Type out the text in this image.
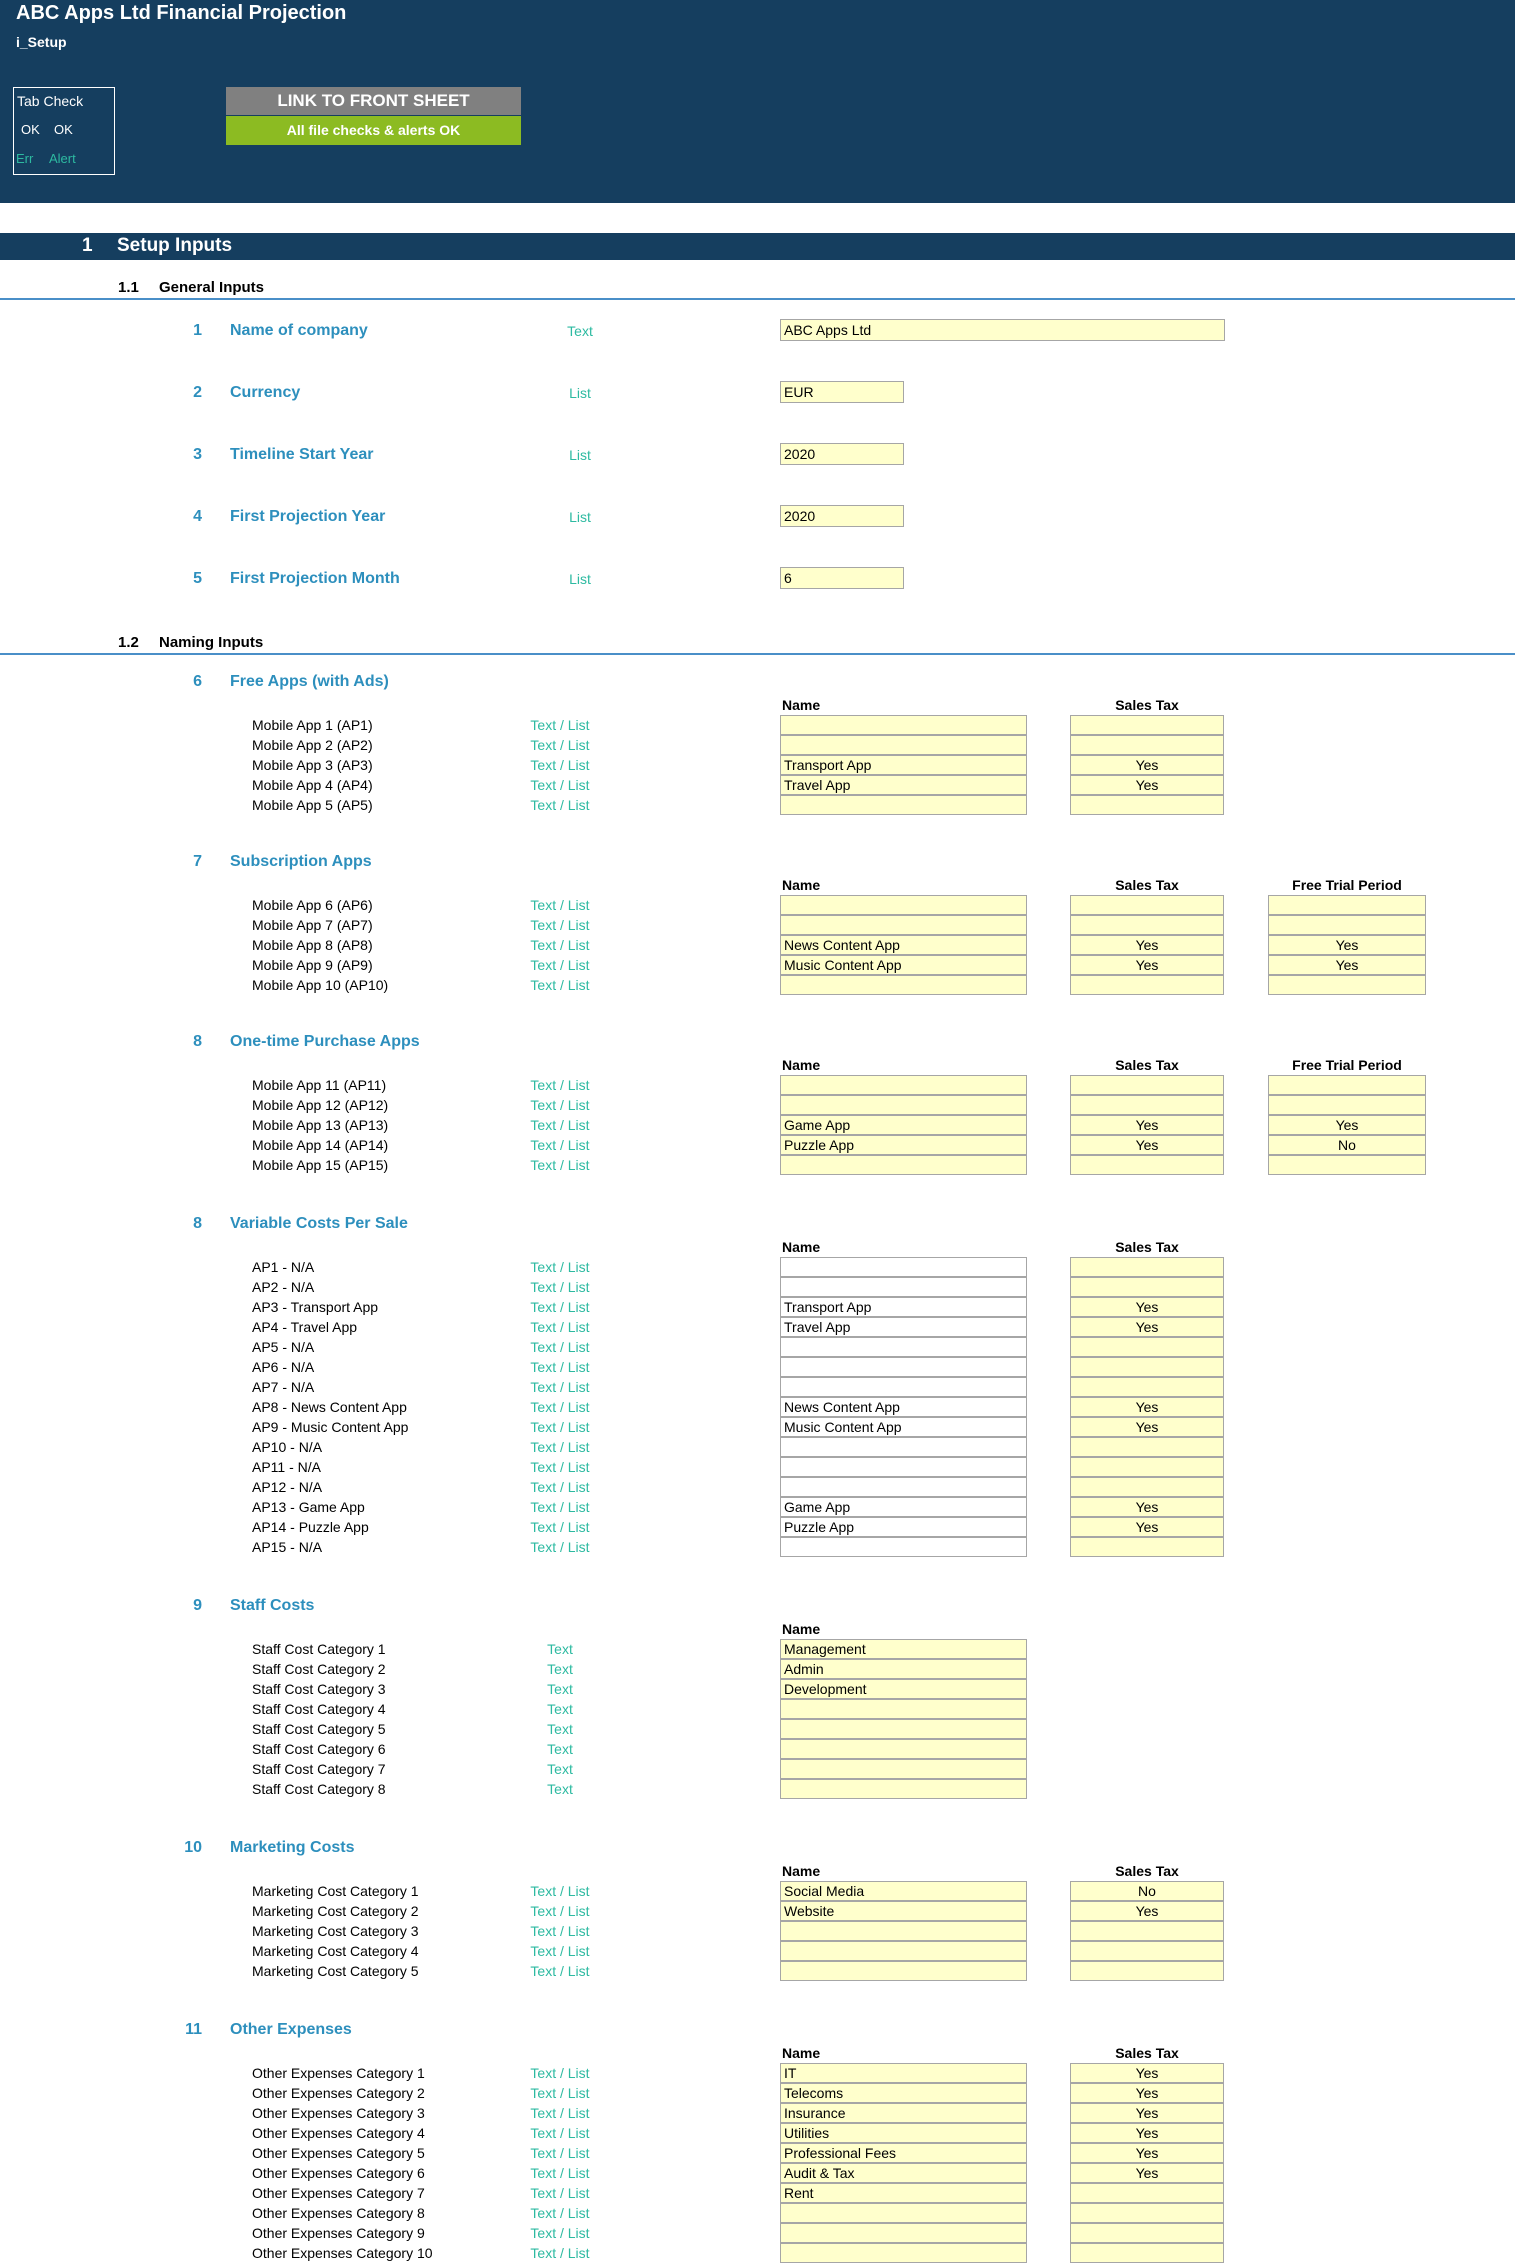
ABC Apps Ltd Financial Projection
i_Setup
Tab Check
OK OK
Err Alert
LINK TO FRONT SHEET
All file checks & alerts OK
1 Setup Inputs
1.1 General Inputs
1 Name of company	Text	ABC Apps Ltd
2 Currency	List	EUR
3 Timeline Start Year	List	2020
4 First Projection Year	List	2020
5 First Projection Month	List	6
1.2 Naming Inputs
6 Free Apps (with Ads)
Name	Sales Tax
Mobile App 1 (AP1)	Text / List
Mobile App 2 (AP2)	Text / List
Mobile App 3 (AP3)	Text / List	Transport App	Yes
Mobile App 4 (AP4)	Text / List	Travel App	Yes
Mobile App 5 (AP5)	Text / List
7 Subscription Apps
Name	Sales Tax	Free Trial Period
Mobile App 6 (AP6)	Text / List
Mobile App 7 (AP7)	Text / List
Mobile App 8 (AP8)	Text / List	News Content App	Yes	Yes
Mobile App 9 (AP9)	Text / List	Music Content App	Yes	Yes
Mobile App 10 (AP10)	Text / List
8 One-time Purchase Apps
Name	Sales Tax	Free Trial Period
Mobile App 11 (AP11)	Text / List
Mobile App 12 (AP12)	Text / List
Mobile App 13 (AP13)	Text / List	Game App	Yes	Yes
Mobile App 14 (AP14)	Text / List	Puzzle App	Yes	No
Mobile App 15 (AP15)	Text / List
8 Variable Costs Per Sale
Name	Sales Tax
AP1 - N/A	Text / List
AP2 - N/A	Text / List
AP3 - Transport App	Text / List	Transport App	Yes
AP4 - Travel App	Text / List	Travel App	Yes
AP5 - N/A	Text / List
AP6 - N/A	Text / List
AP7 - N/A	Text / List
AP8 - News Content App	Text / List	News Content App	Yes
AP9 - Music Content App	Text / List	Music Content App	Yes
AP10 - N/A	Text / List
AP11 - N/A	Text / List
AP12 - N/A	Text / List
AP13 - Game App	Text / List	Game App	Yes
AP14 - Puzzle App	Text / List	Puzzle App	Yes
AP15 - N/A	Text / List
9 Staff Costs
Name
Staff Cost Category 1	Text	Management
Staff Cost Category 2	Text	Admin
Staff Cost Category 3	Text	Development
Staff Cost Category 4	Text
Staff Cost Category 5	Text
Staff Cost Category 6	Text
Staff Cost Category 7	Text
Staff Cost Category 8	Text
10 Marketing Costs
Name	Sales Tax
Marketing Cost Category 1	Text / List	Social Media	No
Marketing Cost Category 2	Text / List	Website	Yes
Marketing Cost Category 3	Text / List
Marketing Cost Category 4	Text / List
Marketing Cost Category 5	Text / List
11 Other Expenses
Name	Sales Tax
Other Expenses Category 1	Text / List	IT	Yes
Other Expenses Category 2	Text / List	Telecoms	Yes
Other Expenses Category 3	Text / List	Insurance	Yes
Other Expenses Category 4	Text / List	Utilities	Yes
Other Expenses Category 5	Text / List	Professional Fees	Yes
Other Expenses Category 6	Text / List	Audit & Tax	Yes
Other Expenses Category 7	Text / List	Rent
Other Expenses Category 8	Text / List
Other Expenses Category 9	Text / List
Other Expenses Category 10	Text / List
